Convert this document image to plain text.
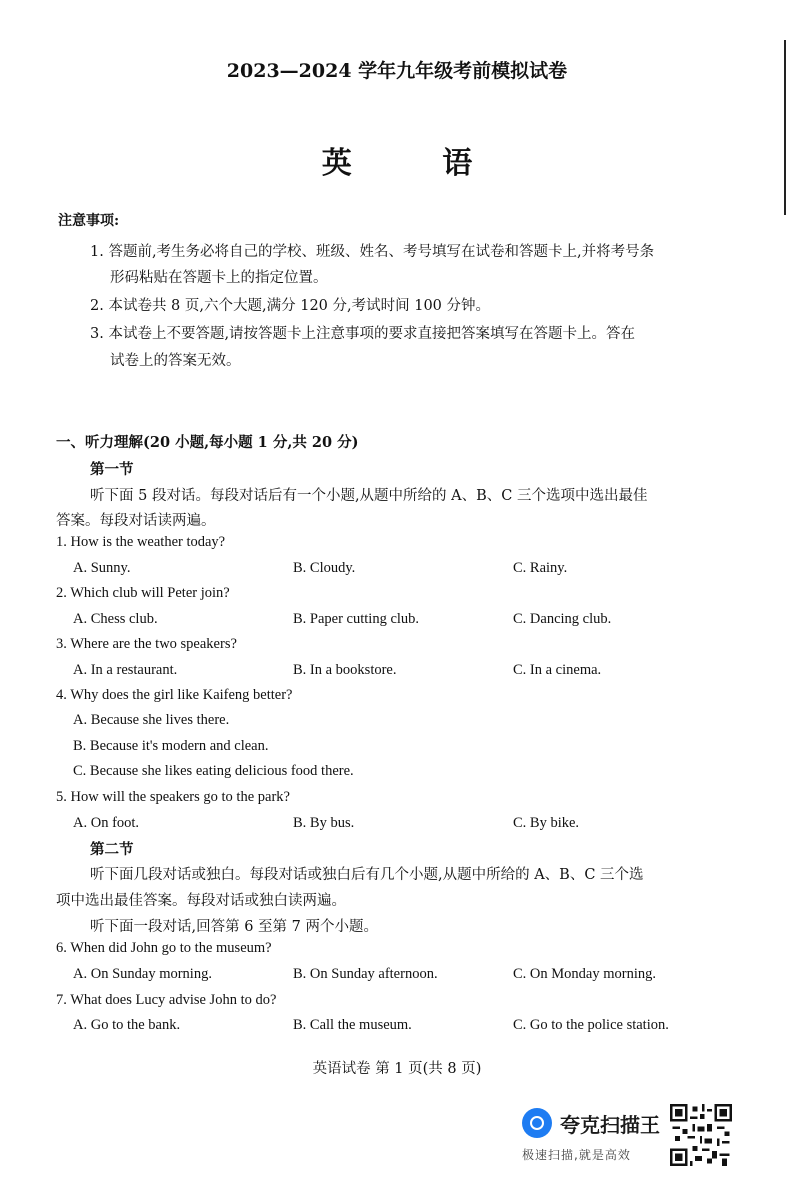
2023—2024 学年九年级考前模拟试卷
英 语
注意事项:
1. 答题前,考生务必将自己的学校、班级、姓名、考号填写在试卷和答题卡上,并将考号条
形码粘贴在答题卡上的指定位置。
2. 本试卷共 8 页,六个大题,满分 120 分,考试时间 100 分钟。
3. 本试卷上不要答题,请按答题卡上注意事项的要求直接把答案填写在答题卡上。答在
试卷上的答案无效。
一、听力理解(20 小题,每小题 1 分,共 20 分)
第一节
听下面 5 段对话。每段对话后有一个小题,从题中所给的 A、B、C 三个选项中选出最佳
答案。每段对话读两遍。
1. How is the weather today?
A. Sunny.	B. Cloudy.	C. Rainy.
2. Which club will Peter join?
A. Chess club.	B. Paper cutting club.	C. Dancing club.
3. Where are the two speakers?
A. In a restaurant.	B. In a bookstore.	C. In a cinema.
4. Why does the girl like Kaifeng better?
A. Because she lives there.
B. Because it's modern and clean.
C. Because she likes eating delicious food there.
5. How will the speakers go to the park?
A. On foot.	B. By bus.	C. By bike.
第二节
听下面几段对话或独白。每段对话或独白后有几个小题,从题中所给的 A、B、C 三个选
项中选出最佳答案。每段对话或独白读两遍。
听下面一段对话,回答第 6 至第 7 两个小题。
6. When did John go to the museum?
A. On Sunday morning.	B. On Sunday afternoon.	C. On Monday morning.
7. What does Lucy advise John to do?
A. Go to the bank.	B. Call the museum.	C. Go to the police station.
英语试卷 第 1 页(共 8 页)
夸克扫描王
极速扫描,就是高效
